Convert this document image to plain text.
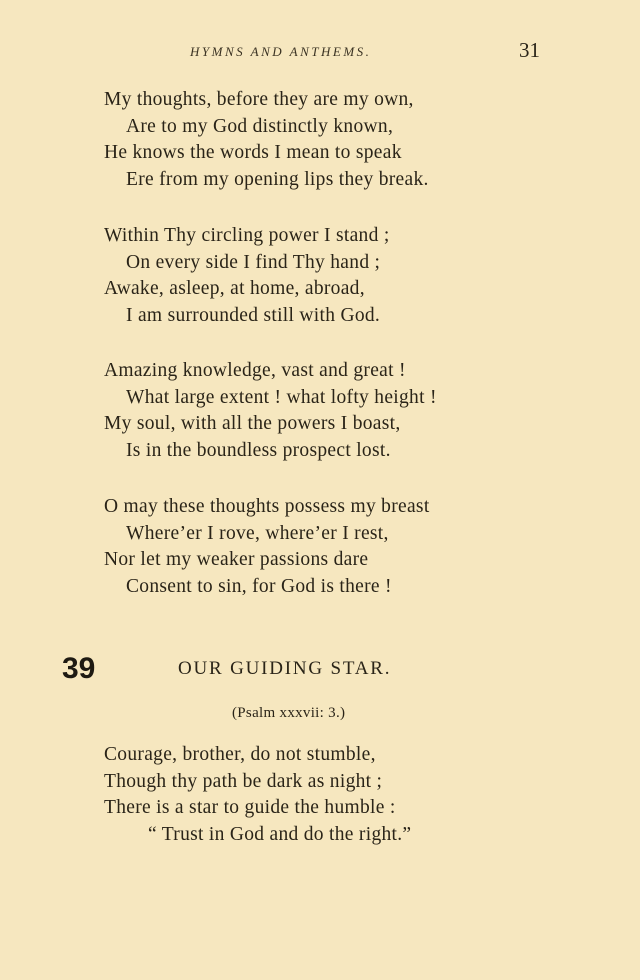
HYMNS AND ANTHEMS.	31
My thoughts, before they are my own,
Are to my God distinctly known,
He knows the words I mean to speak
Ere from my opening lips they break.
Within Thy circling power I stand ;
On every side I find Thy hand ;
Awake, asleep, at home, abroad,
I am surrounded still with God.
Amazing knowledge, vast and great !
What large extent ! what lofty height !
My soul, with all the powers I boast,
Is in the boundless prospect lost.
O may these thoughts possess my breast
Where’er I rove, where’er I rest,
Nor let my weaker passions dare
Consent to sin, for God is there !
39	OUR GUIDING STAR.
(Psalm xxxvii: 3.)
Courage, brother, do not stumble,
Though thy path be dark as night ;
There is a star to guide the humble :
“ Trust in God and do the right.”
